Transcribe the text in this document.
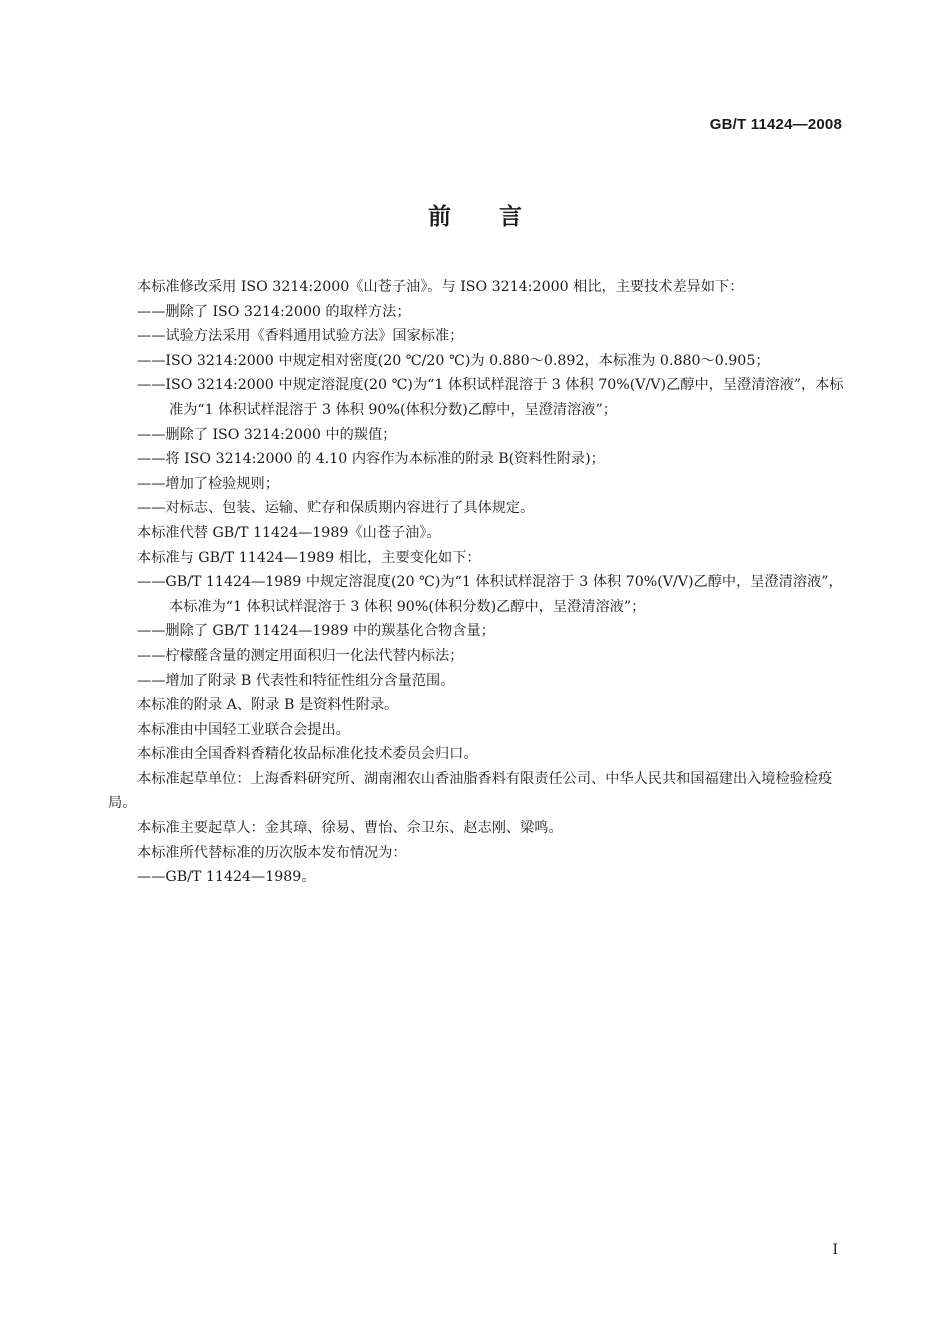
GB/T 11424—2008
前言

本标准修改采用 ISO 3214:2000《山苍子油》。与 ISO 3214:2000 相比，主要技术差异如下：

——删除了 ISO 3214:2000 的取样方法；

——试验方法采用《香料通用试验方法》国家标准；

——ISO 3214:2000 中规定相对密度(20 ℃/20 ℃)为 0.880～0.892，本标准为 0.880～0.905；

——ISO 3214:2000 中规定溶混度(20 ℃)为“1 体积试样混溶于 3 体积 70%(V/V)乙醇中，呈澄清溶液”，本标准为“1 体积试样混溶于 3 体积 90%(体积分数)乙醇中，呈澄清溶液”；

——删除了 ISO 3214:2000 中的羰值；

——将 ISO 3214:2000 的 4.10 内容作为本标准的附录 B(资料性附录)；

——增加了检验规则；

——对标志、包装、运输、贮存和保质期内容进行了具体规定。

本标准代替 GB/T 11424—1989《山苍子油》。

本标准与 GB/T 11424—1989 相比，主要变化如下：

——GB/T 11424—1989 中规定溶混度(20 ℃)为“1 体积试样混溶于 3 体积 70%(V/V)乙醇中，呈澄清溶液”，本标准为“1 体积试样混溶于 3 体积 90%(体积分数)乙醇中，呈澄清溶液”；

——删除了 GB/T 11424—1989 中的羰基化合物含量；

——柠檬醛含量的测定用面积归一化法代替内标法；

——增加了附录 B 代表性和特征性组分含量范围。

本标准的附录 A、附录 B 是资料性附录。

本标准由中国轻工业联合会提出。

本标准由全国香料香精化妆品标准化技术委员会归口。

本标准起草单位：上海香料研究所、湖南湘农山香油脂香料有限责任公司、中华人民共和国福建出入境检验检疫局。

本标准主要起草人：金其璋、徐易、曹怡、佘卫东、赵志刚、梁鸣。

本标准所代替标准的历次版本发布情况为：

——GB/T 11424—1989。

I
